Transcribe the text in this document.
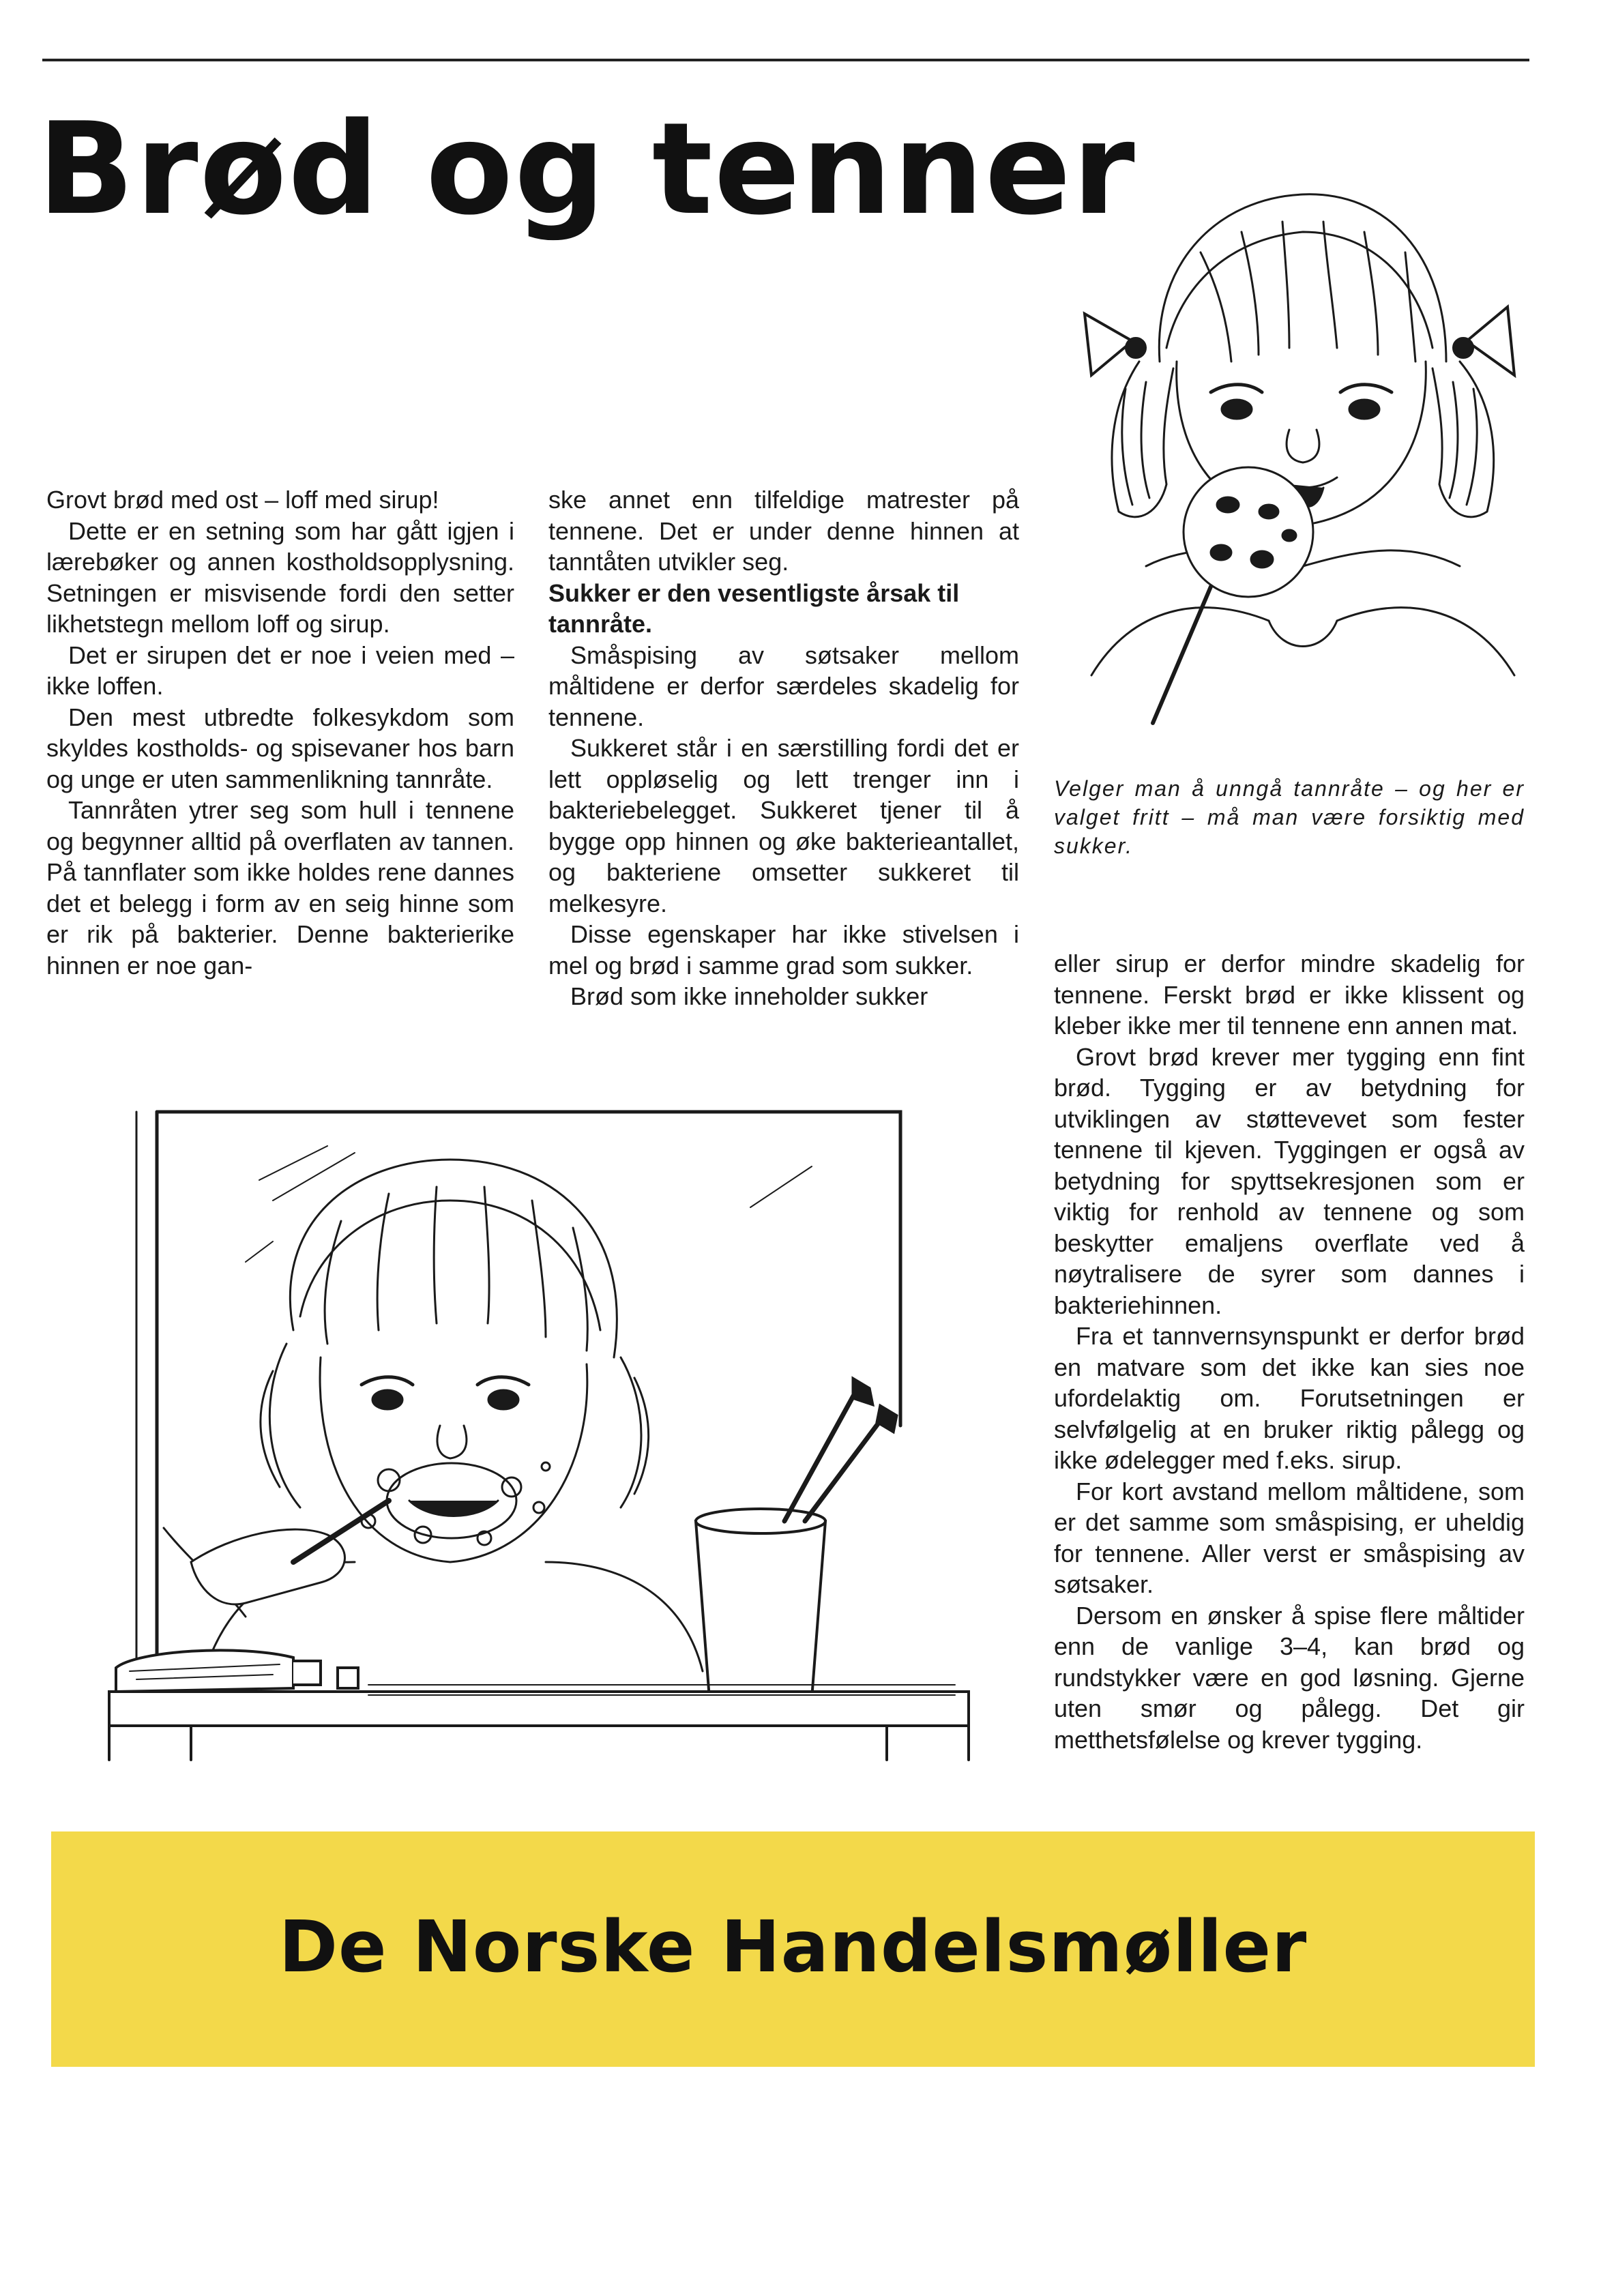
Brød og tenner

Velger man å unngå tannråte – og her er valget fritt – må man være forsiktig med sukker.

Grovt brød med ost – loff med sirup!

Dette er en setning som har gått igjen i lærebøker og annen kostholdsopplysning. Setningen er misvisende fordi den setter likhetstegn mellom loff og sirup.

Det er sirupen det er noe i veien med – ikke loffen.

Den mest utbredte folkesykdom som skyldes kostholds- og spisevaner hos barn og unge er uten sammenlikning tannråte.

Tannråten ytrer seg som hull i tennene og begynner alltid på overflaten av tannen. På tannflater som ikke holdes rene dannes det et belegg i form av en seig hinne som er rik på bakterier. Denne bakterierike hinnen er noe gan-

ske annet enn tilfeldige matrester på tennene. Det er under denne hinnen at tanntåten utvikler seg.

Sukker er den vesentligste årsak til tannråte.

Småspising av søtsaker mellom måltidene er derfor særdeles skadelig for tennene.

Sukkeret står i en særstilling fordi det er lett oppløselig og lett trenger inn i bakteriebelegget. Sukkeret tjener til å bygge opp hinnen og øke bakterieantallet, og bakteriene omsetter sukkeret til melkesyre.

Disse egenskaper har ikke stivelsen i mel og brød i samme grad som sukker.

Brød som ikke inneholder sukker

eller sirup er derfor mindre skadelig for tennene. Ferskt brød er ikke klissent og kleber ikke mer til tennene enn annen mat.

Grovt brød krever mer tygging enn fint brød. Tygging er av betydning for utviklingen av støttevevet som fester tennene til kjeven. Tyggingen er også av betydning for spyttsekresjonen som er viktig for renhold av tennene og som beskytter emaljens overflate ved å nøytralisere de syrer som dannes i bakteriehinnen.

Fra et tannvernsynspunkt er derfor brød en matvare som det ikke kan sies noe ufordelaktig om. Forutsetningen er selvfølgelig at en bruker riktig pålegg og ikke ødelegger med f.eks. sirup.

For kort avstand mellom måltidene, som er det samme som småspising, er uheldig for tennene. Aller verst er småspising av søtsaker.

Dersom en ønsker å spise flere måltider enn de vanlige 3–4, kan brød og rundstykker være en god løsning. Gjerne uten smør og pålegg. Det gir metthetsfølelse og krever tygging.

De Norske Handelsmøller
